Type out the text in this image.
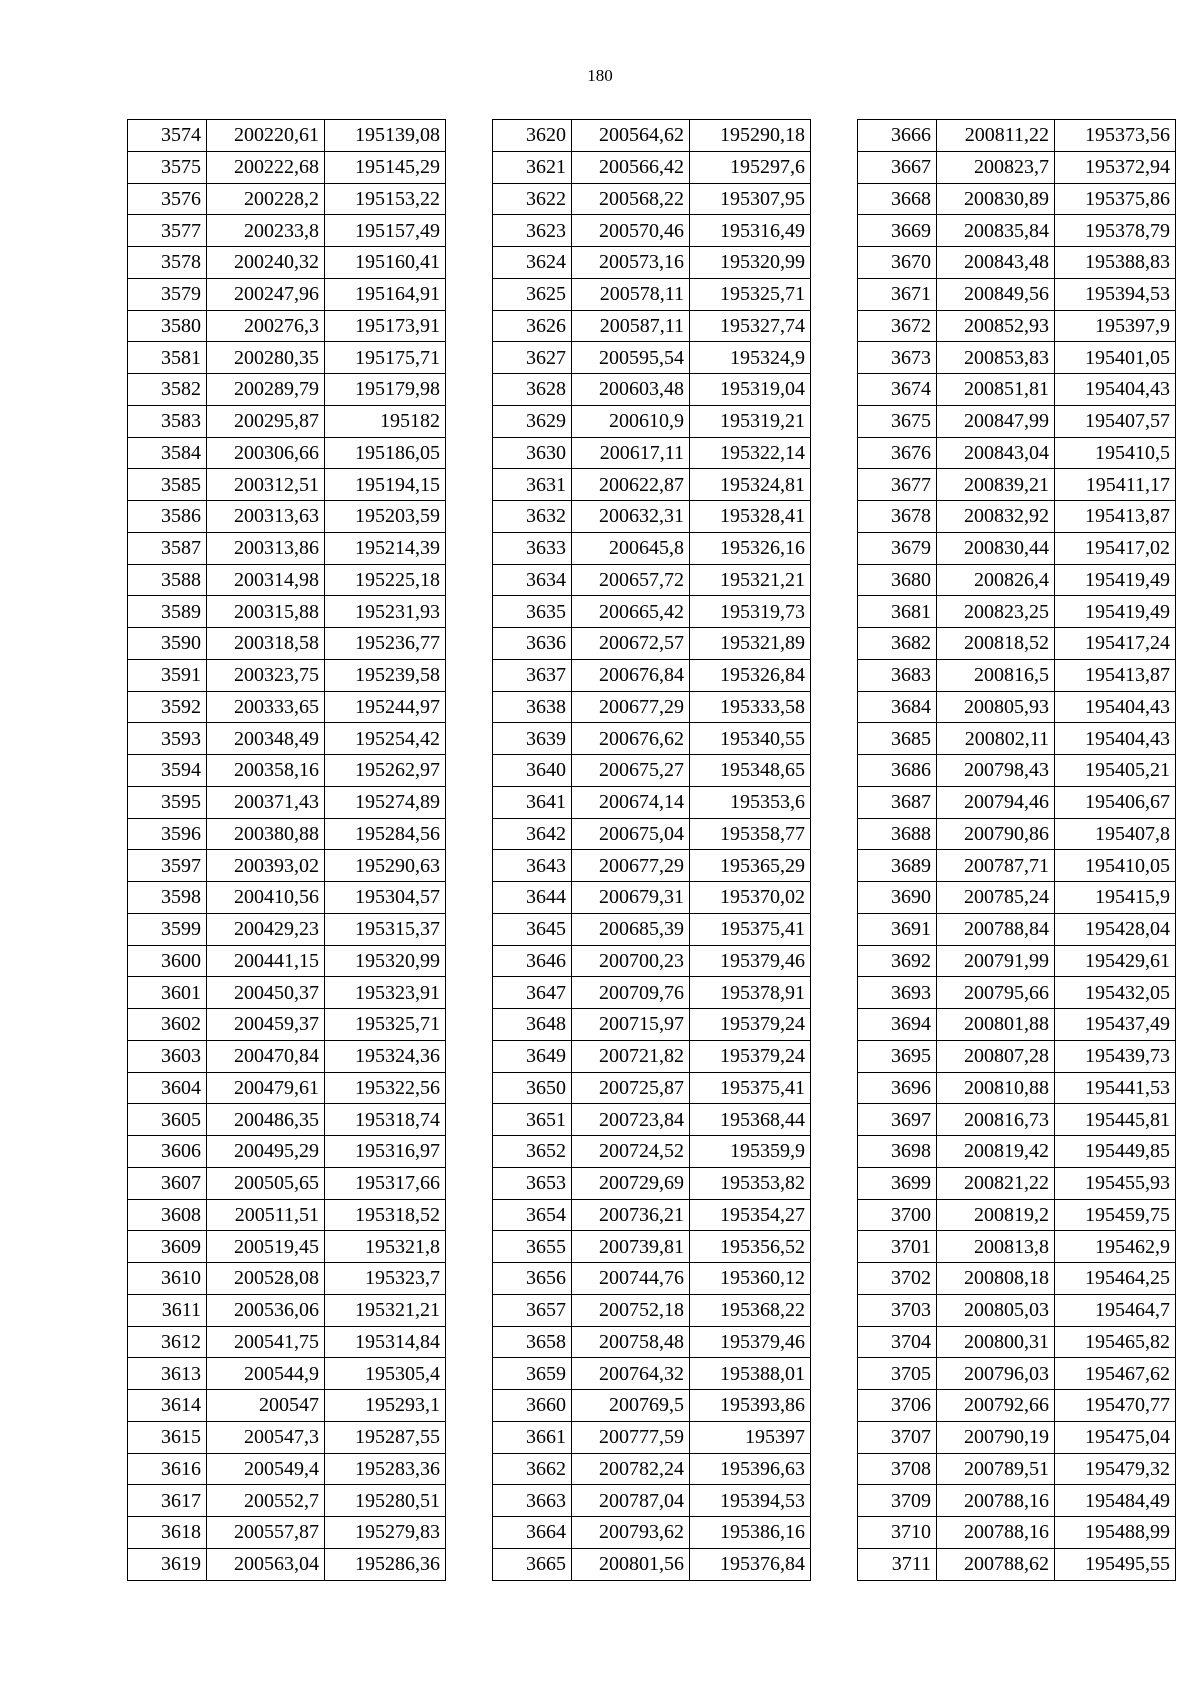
180
3574	200220,61	195139,08
3575	200222,68	195145,29
3576	200228,2	195153,22
3577	200233,8	195157,49
3578	200240,32	195160,41
3579	200247,96	195164,91
3580	200276,3	195173,91
3581	200280,35	195175,71
3582	200289,79	195179,98
3583	200295,87	195182
3584	200306,66	195186,05
3585	200312,51	195194,15
3586	200313,63	195203,59
3587	200313,86	195214,39
3588	200314,98	195225,18
3589	200315,88	195231,93
3590	200318,58	195236,77
3591	200323,75	195239,58
3592	200333,65	195244,97
3593	200348,49	195254,42
3594	200358,16	195262,97
3595	200371,43	195274,89
3596	200380,88	195284,56
3597	200393,02	195290,63
3598	200410,56	195304,57
3599	200429,23	195315,37
3600	200441,15	195320,99
3601	200450,37	195323,91
3602	200459,37	195325,71
3603	200470,84	195324,36
3604	200479,61	195322,56
3605	200486,35	195318,74
3606	200495,29	195316,97
3607	200505,65	195317,66
3608	200511,51	195318,52
3609	200519,45	195321,8
3610	200528,08	195323,7
3611	200536,06	195321,21
3612	200541,75	195314,84
3613	200544,9	195305,4
3614	200547	195293,1
3615	200547,3	195287,55
3616	200549,4	195283,36
3617	200552,7	195280,51
3618	200557,87	195279,83
3619	200563,04	195286,36
3620	200564,62	195290,18
3621	200566,42	195297,6
3622	200568,22	195307,95
3623	200570,46	195316,49
3624	200573,16	195320,99
3625	200578,11	195325,71
3626	200587,11	195327,74
3627	200595,54	195324,9
3628	200603,48	195319,04
3629	200610,9	195319,21
3630	200617,11	195322,14
3631	200622,87	195324,81
3632	200632,31	195328,41
3633	200645,8	195326,16
3634	200657,72	195321,21
3635	200665,42	195319,73
3636	200672,57	195321,89
3637	200676,84	195326,84
3638	200677,29	195333,58
3639	200676,62	195340,55
3640	200675,27	195348,65
3641	200674,14	195353,6
3642	200675,04	195358,77
3643	200677,29	195365,29
3644	200679,31	195370,02
3645	200685,39	195375,41
3646	200700,23	195379,46
3647	200709,76	195378,91
3648	200715,97	195379,24
3649	200721,82	195379,24
3650	200725,87	195375,41
3651	200723,84	195368,44
3652	200724,52	195359,9
3653	200729,69	195353,82
3654	200736,21	195354,27
3655	200739,81	195356,52
3656	200744,76	195360,12
3657	200752,18	195368,22
3658	200758,48	195379,46
3659	200764,32	195388,01
3660	200769,5	195393,86
3661	200777,59	195397
3662	200782,24	195396,63
3663	200787,04	195394,53
3664	200793,62	195386,16
3665	200801,56	195376,84
3666	200811,22	195373,56
3667	200823,7	195372,94
3668	200830,89	195375,86
3669	200835,84	195378,79
3670	200843,48	195388,83
3671	200849,56	195394,53
3672	200852,93	195397,9
3673	200853,83	195401,05
3674	200851,81	195404,43
3675	200847,99	195407,57
3676	200843,04	195410,5
3677	200839,21	195411,17
3678	200832,92	195413,87
3679	200830,44	195417,02
3680	200826,4	195419,49
3681	200823,25	195419,49
3682	200818,52	195417,24
3683	200816,5	195413,87
3684	200805,93	195404,43
3685	200802,11	195404,43
3686	200798,43	195405,21
3687	200794,46	195406,67
3688	200790,86	195407,8
3689	200787,71	195410,05
3690	200785,24	195415,9
3691	200788,84	195428,04
3692	200791,99	195429,61
3693	200795,66	195432,05
3694	200801,88	195437,49
3695	200807,28	195439,73
3696	200810,88	195441,53
3697	200816,73	195445,81
3698	200819,42	195449,85
3699	200821,22	195455,93
3700	200819,2	195459,75
3701	200813,8	195462,9
3702	200808,18	195464,25
3703	200805,03	195464,7
3704	200800,31	195465,82
3705	200796,03	195467,62
3706	200792,66	195470,77
3707	200790,19	195475,04
3708	200789,51	195479,32
3709	200788,16	195484,49
3710	200788,16	195488,99
3711	200788,62	195495,55
